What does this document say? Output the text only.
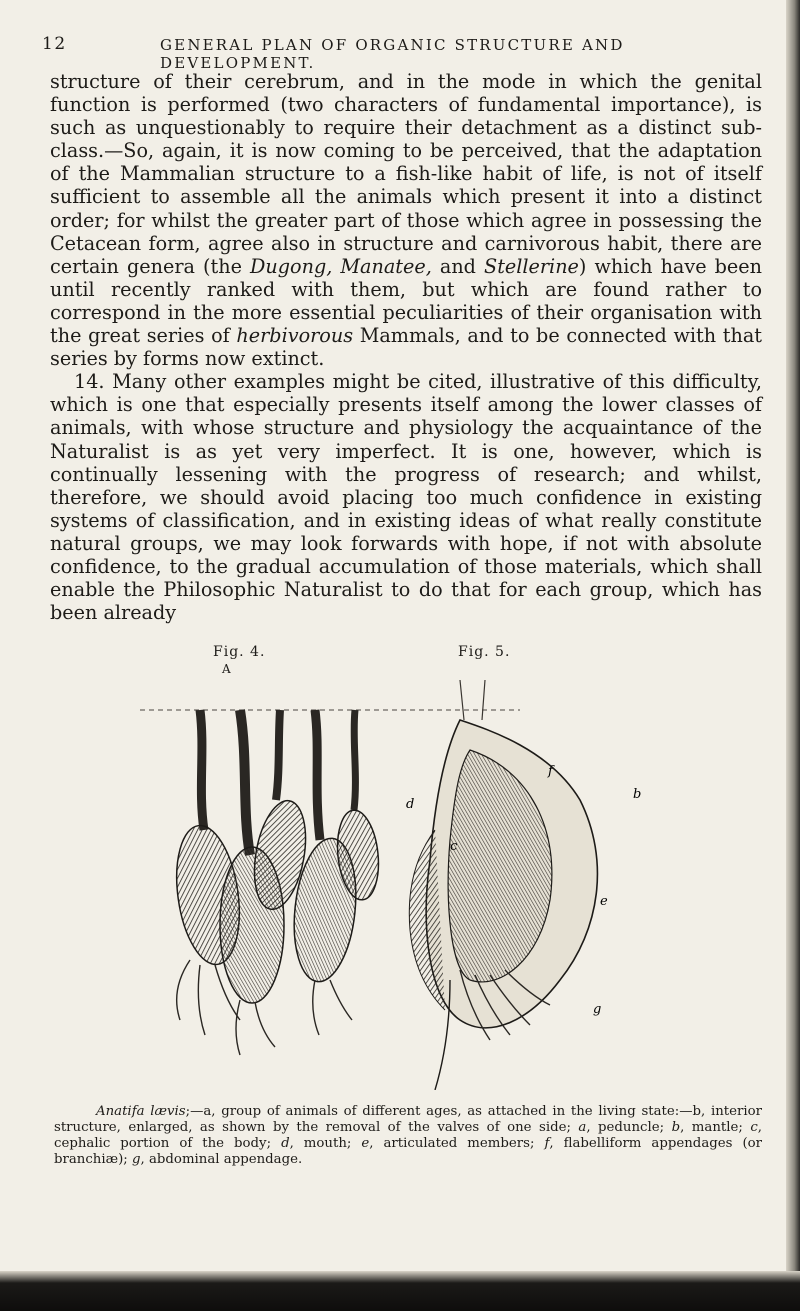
12	GENERAL PLAN OF ORGANIC STRUCTURE AND DEVELOPMENT.

structure of their cerebrum, and in the mode in which the genital function is performed (two characters of fundamental importance), is such as unquestionably to require their detachment as a distinct sub-class.—So, again, it is now coming to be perceived, that the adaptation of the Mammalian structure to a fish-like habit of life, is not of itself sufficient to assemble all the animals which present it into a distinct order; for whilst the greater part of those which agree in possessing the Cetacean form, agree also in structure and carnivorous habit, there are certain genera (the Dugong, Manatee, and Stellerine) which have been until recently ranked with them, but which are found rather to correspond in the more essential peculiarities of their organisation with the great series of herbivorous Mammals, and to be connected with that series by forms now extinct.

14. Many other examples might be cited, illustrative of this difficulty, which is one that especially presents itself among the lower classes of animals, with whose structure and physiology the acquaintance of the Naturalist is as yet very imperfect. It is one, however, which is continually lessening with the progress of research; and whilst, therefore, we should avoid placing too much confidence in existing systems of classification, and in existing ideas of what really constitute natural groups, we may look forwards with hope, if not with absolute confidence, to the gradual accumulation of those materials, which shall enable the Philosophic Naturalist to do that for each group, which has been already

Fig. 4.
A
Fig. 5.
f
c
d
e
b
g

Anatifa lævis;—a, group of animals of different ages, as attached in the living state:—b, interior structure, enlarged, as shown by the removal of the valves of one side; a, peduncle; b, mantle; c, cephalic portion of the body; d, mouth; e, articulated members; f, flabelliform appendages (or branchiæ); g, abdominal appendage.
